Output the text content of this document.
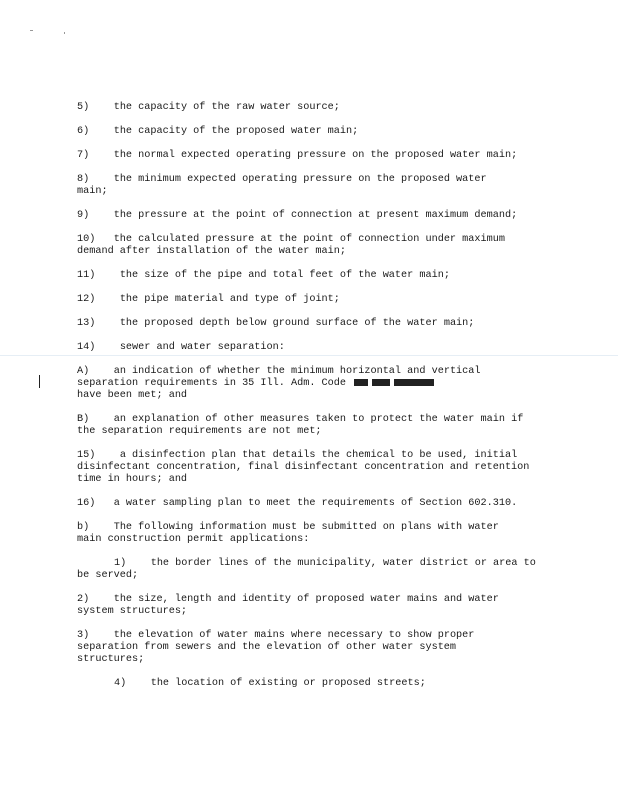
5) the capacity of the raw water source;
6) the capacity of the proposed water main;
7) the normal expected operating pressure on the proposed water main;
8) the minimum expected operating pressure on the proposed water main;
9) the pressure at the point of connection at present maximum demand;
10) the calculated pressure at the point of connection under maximum demand after installation of the water main;
11) the size of the pipe and total feet of the water main;
12) the pipe material and type of joint;
13) the proposed depth below ground surface of the water main;
14) sewer and water separation:
A) an indication of whether the minimum horizontal and vertical separation requirements in 35 Ill. Adm. Code
have been met; and
B) an explanation of other measures taken to protect the water main if the separation requirements are not met;
15) a disinfection plan that details the chemical to be used, initial disinfectant concentration, final disinfectant concentration and retention time in hours; and
16) a water sampling plan to meet the requirements of Section 602.310.
b) The following information must be submitted on plans with water main construction permit applications:
1) the border lines of the municipality, water district or area to be served;
2) the size, length and identity of proposed water mains and water system structures;
3) the elevation of water mains where necessary to show proper separation from sewers and the elevation of other water system structures;
4) the location of existing or proposed streets;
